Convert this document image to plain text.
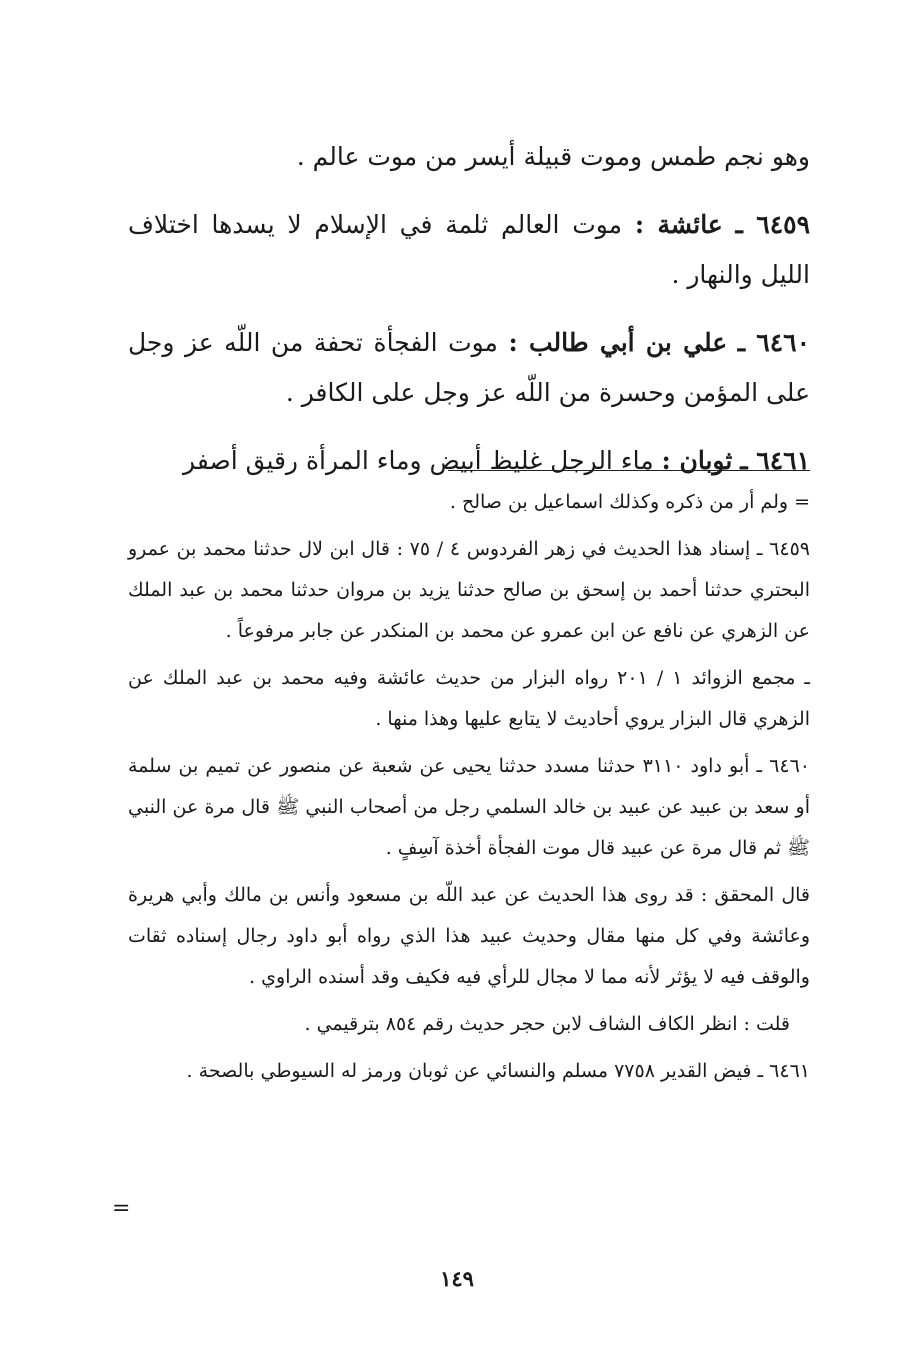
وهو نجم طمس وموت قبيلة أيسر من موت عالم .

٦٤٥٩ ـ عائشة : موت العالم ثلمة في الإسلام لا يسدها اختلاف الليل والنهار .

٦٤٦٠ ـ علي بن أبي طالب : موت الفجأة تحفة من اللّه عز وجل على المؤمن وحسرة من اللّه عز وجل على الكافر .

٦٤٦١ ـ ثوبان : ماء الرجل غليظ أبيض وماء المرأة رقيق أصفر

= ولم أر من ذكره وكذلك اسماعيل بن صالح .

٦٤٥٩ ـ إسناد هذا الحديث في زهر الفردوس ٤ / ٧٥ : قال ابن لال حدثنا محمد بن عمرو البحتري حدثنا أحمد بن إسحق بن صالح حدثنا يزيد بن مروان حدثنا محمد بن عبد الملك عن الزهري عن نافع عن ابن عمرو عن محمد بن المنكدر عن جابر مرفوعاً .

ـ مجمع الزوائد ١ / ٢٠١ رواه البزار من حديث عائشة وفيه محمد بن عبد الملك عن الزهري قال البزار يروي أحاديث لا يتابع عليها وهذا منها .

٦٤٦٠ ـ أبو داود ٣١١٠ حدثنا مسدد حدثنا يحيى عن شعبة عن منصور عن تميم بن سلمة أو سعد بن عبيد عن عبيد بن خالد السلمي رجل من أصحاب النبي ﷺ قال مرة عن النبي ﷺ ثم قال مرة عن عبيد قال موت الفجأة أخذة آسِفٍ .

قال المحقق : قد روى هذا الحديث عن عبد اللّه بن مسعود وأنس بن مالك وأبي هريرة وعائشة وفي كل منها مقال وحديث عبيد هذا الذي رواه أبو داود رجال إسناده ثقات والوقف فيه لا يؤثر لأنه مما لا مجال للرأي فيه فكيف وقد أسنده الراوي .

قلت : انظر الكاف الشاف لابن حجر حديث رقم ٨٥٤ بترقيمي .

٦٤٦١ ـ فيض القدير ٧٧٥٨ مسلم والنسائي عن ثوبان ورمز له السيوطي بالصحة .

=
١٤٩
